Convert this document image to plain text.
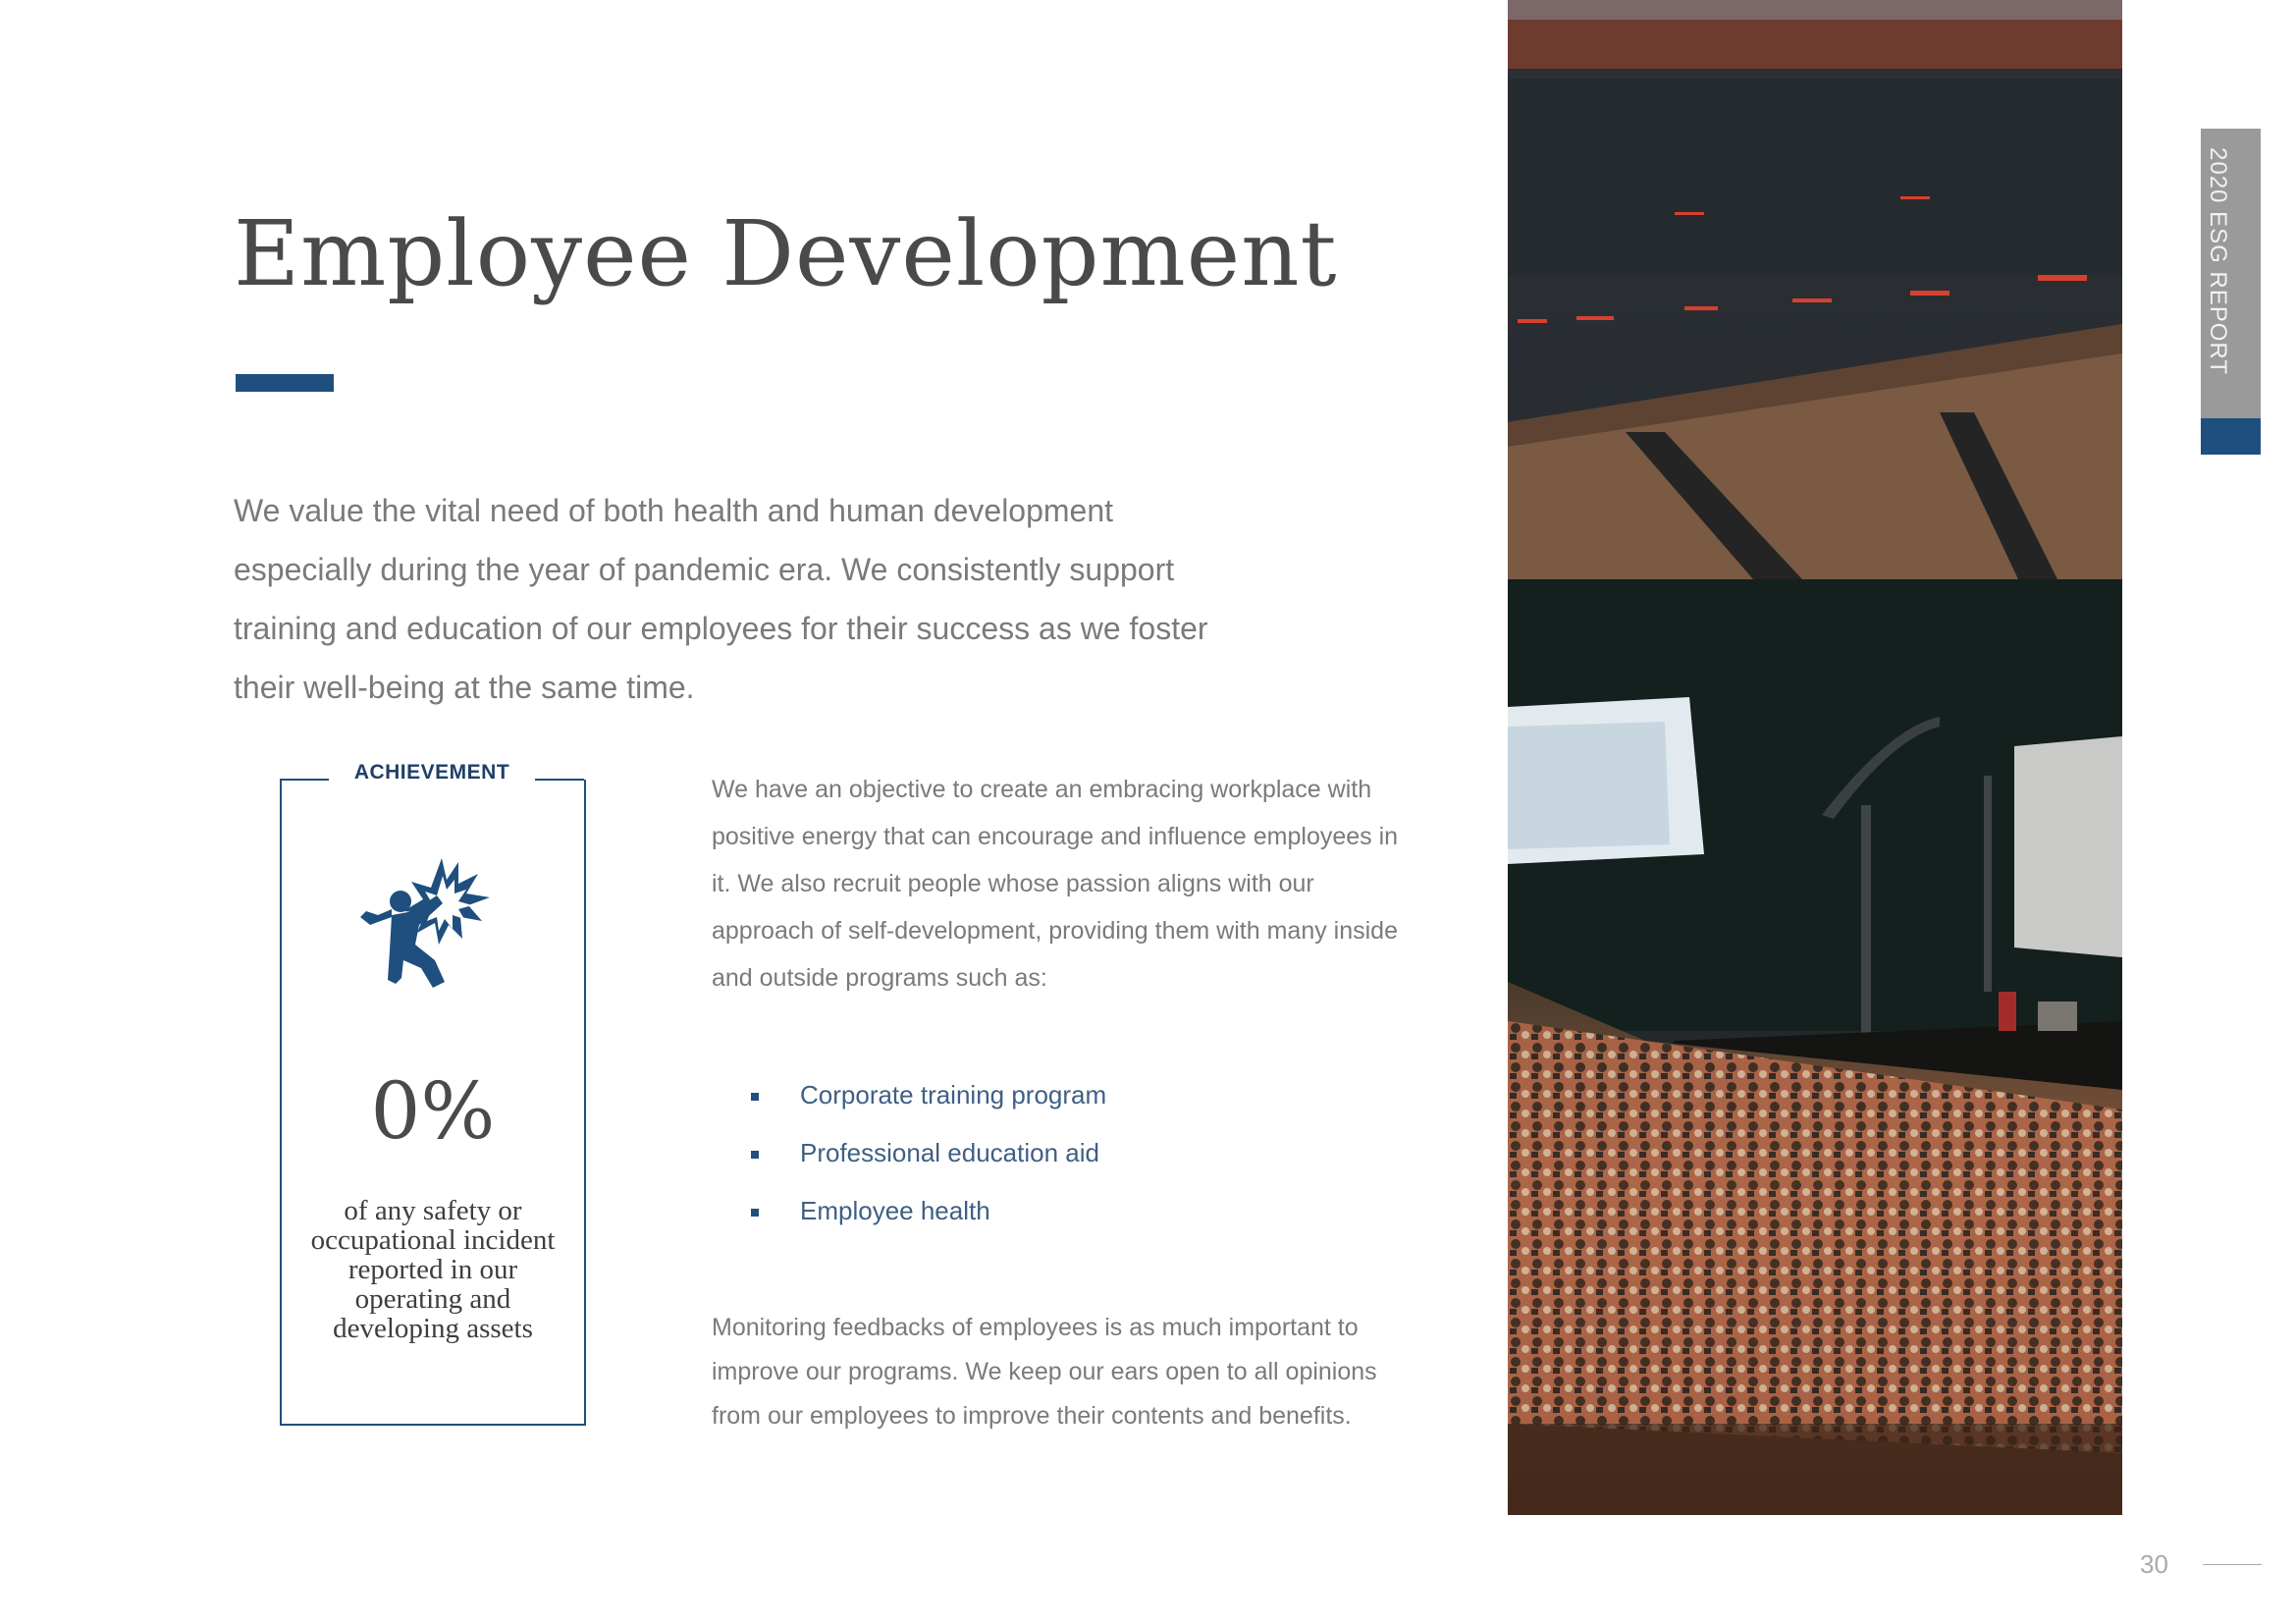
Employee Development

We value the vital need of both health and human development especially during the year of pandemic era. We consistently support training and education of our employees for their success as we foster their well-being at the same time.

ACHIEVEMENT
0%
of any safety or occupational incident reported in our operating and developing assets

We have an objective to create an embracing workplace with positive energy that can encourage and influence employees in it. We also recruit people whose passion aligns with our approach of self-development, providing them with many inside and outside programs such as:

Corporate training program
Professional education aid
Employee health

Monitoring feedbacks of employees is as much important to improve our programs. We keep our ears open to all opinions from our employees to improve their contents and benefits.

2020 ESG REPORT
30
